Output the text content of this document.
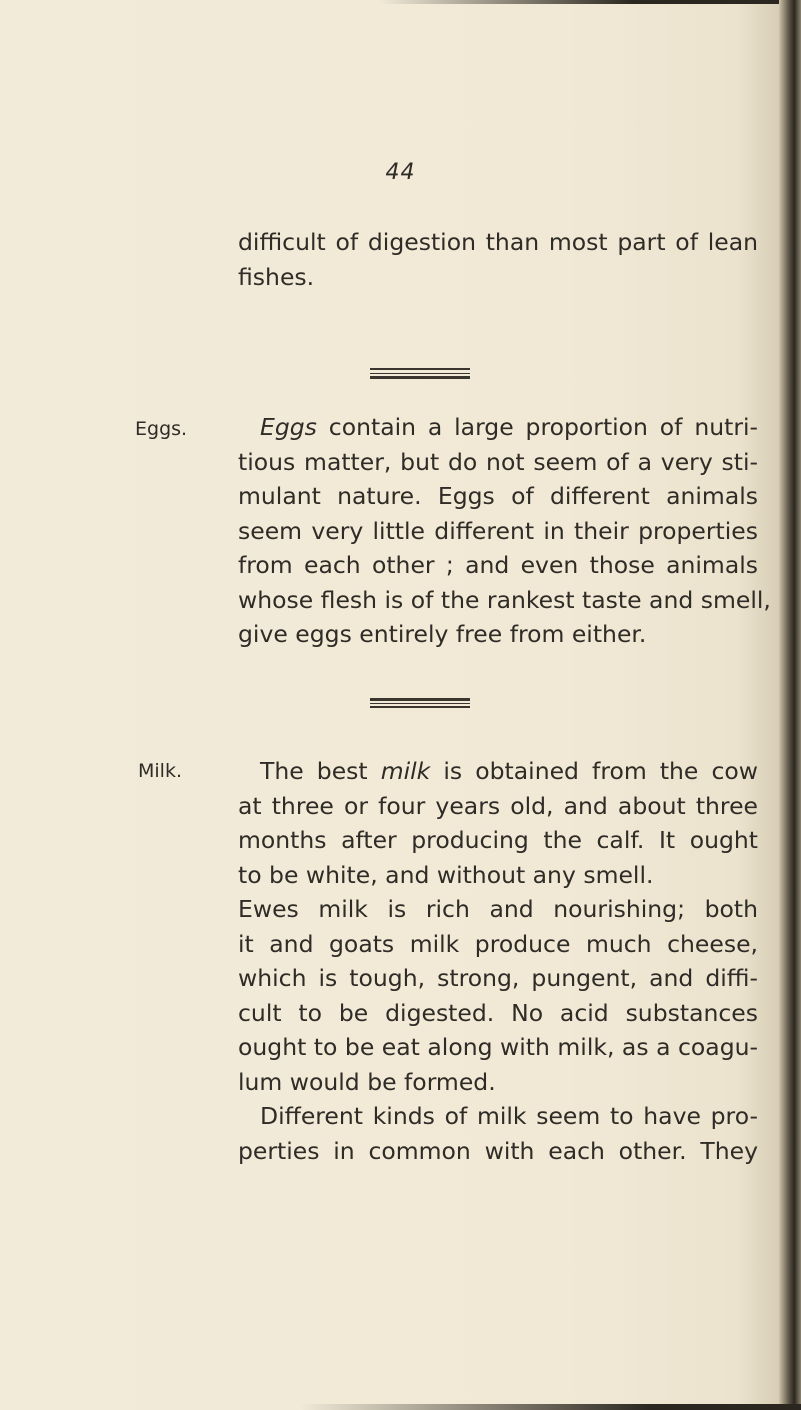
44
difficult of digestion than most part of lean
fishes.
Eggs.	Eggs contain a large proportion of nutri-
tious matter, but do not seem of a very sti-
mulant nature. Eggs of different animals
seem very little different in their properties
from each other ; and even those animals
whose flesh is of the rankest taste and smell,
give eggs entirely free from either.
Milk.	The best milk is obtained from the cow
at three or four years old, and about three
months after producing the calf. It ought
to be white, and without any smell.
Ewes milk is rich and nourishing; both
it and goats milk produce much cheese,
which is tough, strong, pungent, and diffi-
cult to be digested. No acid substances
ought to be eat along with milk, as a coagu-
lum would be formed.
Different kinds of milk seem to have pro-
perties in common with each other. They
